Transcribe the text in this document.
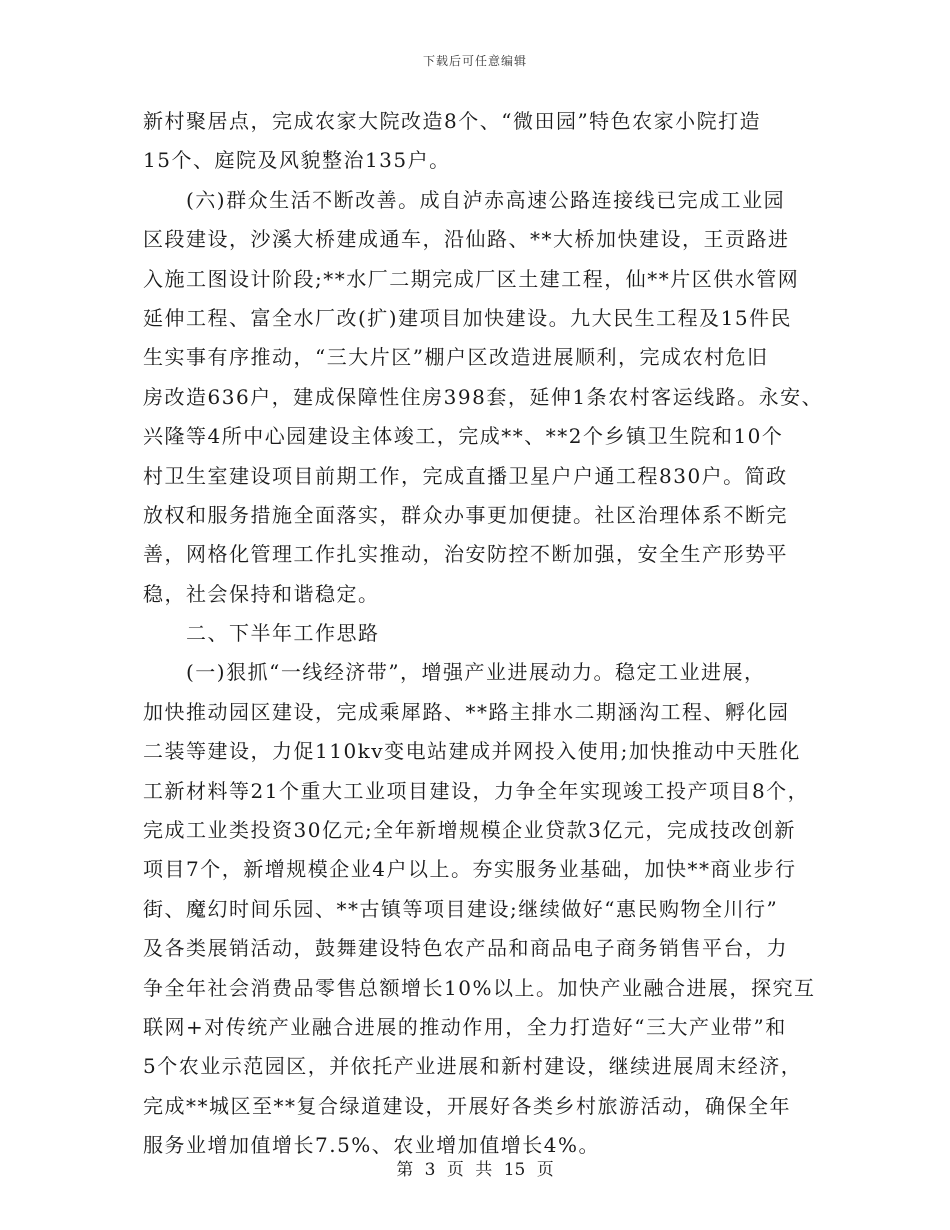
下载后可任意编辑
新村聚居点，完成农家大院改造8个、“微田园”特色农家小院打造
15个、庭院及风貌整治135户。
(六)群众生活不断改善。成自泸赤高速公路连接线已完成工业园
区段建设，沙溪大桥建成通车，沿仙路、**大桥加快建设，王贡路进
入施工图设计阶段;**水厂二期完成厂区土建工程，仙**片区供水管网
延伸工程、富全水厂改(扩)建项目加快建设。九大民生工程及15件民
生实事有序推动，“三大片区”棚户区改造进展顺利，完成农村危旧
房改造636户，建成保障性住房398套，延伸1条农村客运线路。永安、
兴隆等4所中心园建设主体竣工，完成**、**2个乡镇卫生院和10个
村卫生室建设项目前期工作，完成直播卫星户户通工程830户。简政
放权和服务措施全面落实，群众办事更加便捷。社区治理体系不断完
善，网格化管理工作扎实推动，治安防控不断加强，安全生产形势平
稳，社会保持和谐稳定。
二、下半年工作思路
(一)狠抓“一线经济带”，增强产业进展动力。稳定工业进展，
加快推动园区建设，完成乘犀路、**路主排水二期涵沟工程、孵化园
二装等建设，力促110kv变电站建成并网投入使用;加快推动中天胜化
工新材料等21个重大工业项目建设，力争全年实现竣工投产项目8个，
完成工业类投资30亿元;全年新增规模企业贷款3亿元，完成技改创新
项目7个，新增规模企业4户以上。夯实服务业基础，加快**商业步行
街、魔幻时间乐园、**古镇等项目建设;继续做好“惠民购物全川行”
及各类展销活动，鼓舞建设特色农产品和商品电子商务销售平台，力
争全年社会消费品零售总额增长10%以上。加快产业融合进展，探究互
联网+对传统产业融合进展的推动作用，全力打造好“三大产业带”和
5个农业示范园区，并依托产业进展和新村建设，继续进展周末经济，
完成**城区至**复合绿道建设，开展好各类乡村旅游活动，确保全年
服务业增加值增长7.5%、农业增加值增长4%。
第 3 页 共 15 页
